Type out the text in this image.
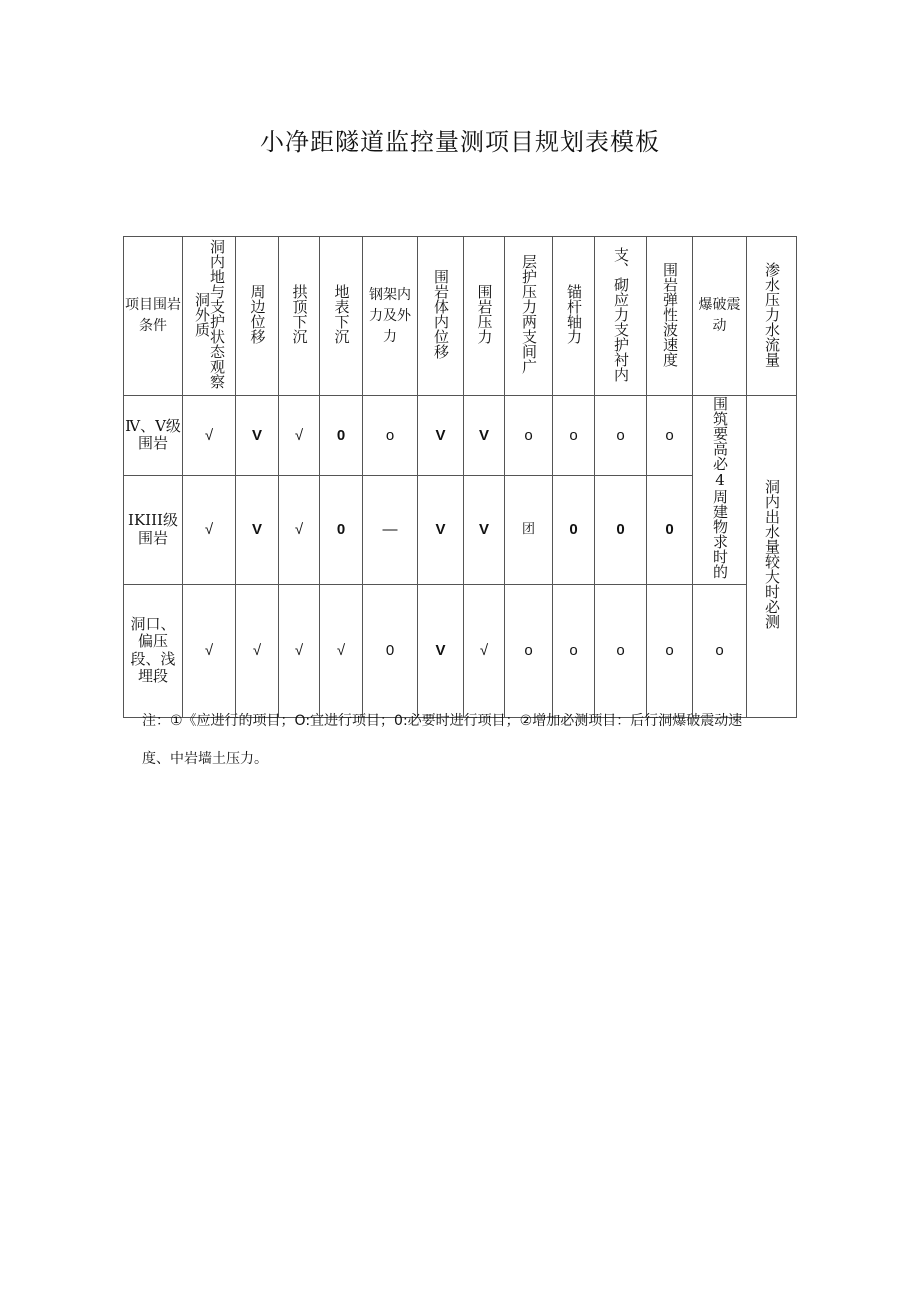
小净距隧道监控量测项目规划表模板
项目围岩条件	洞内地与支护状态观察洞外质	周边位移	拱顶下沉	地表下沉	钢架内力及外力	围岩体内位移	围岩压力	层护压力两支间广	锚杆轴力	支、砌应力支护衬内	围岩弹性波速度	爆破震动	渗水压力水流量
Ⅳ、Ⅴ级围岩	√	V	√	0	o	V	V	o	o	o	o	围筑要高必4周建物求时的	洞内出水量较大时必测
IKIII级围岩	√	V	√	0	—	V	V	团	0	0	0		
洞口、偏压段、浅埋段	√	√	√	√	0	V	√	o	o	o	o	o	
注：①《应进行的项目；O:宜进行项目；0:必要时进行项目；②增加必测项目：后行洞爆破震动速
度、中岩墙土压力。
